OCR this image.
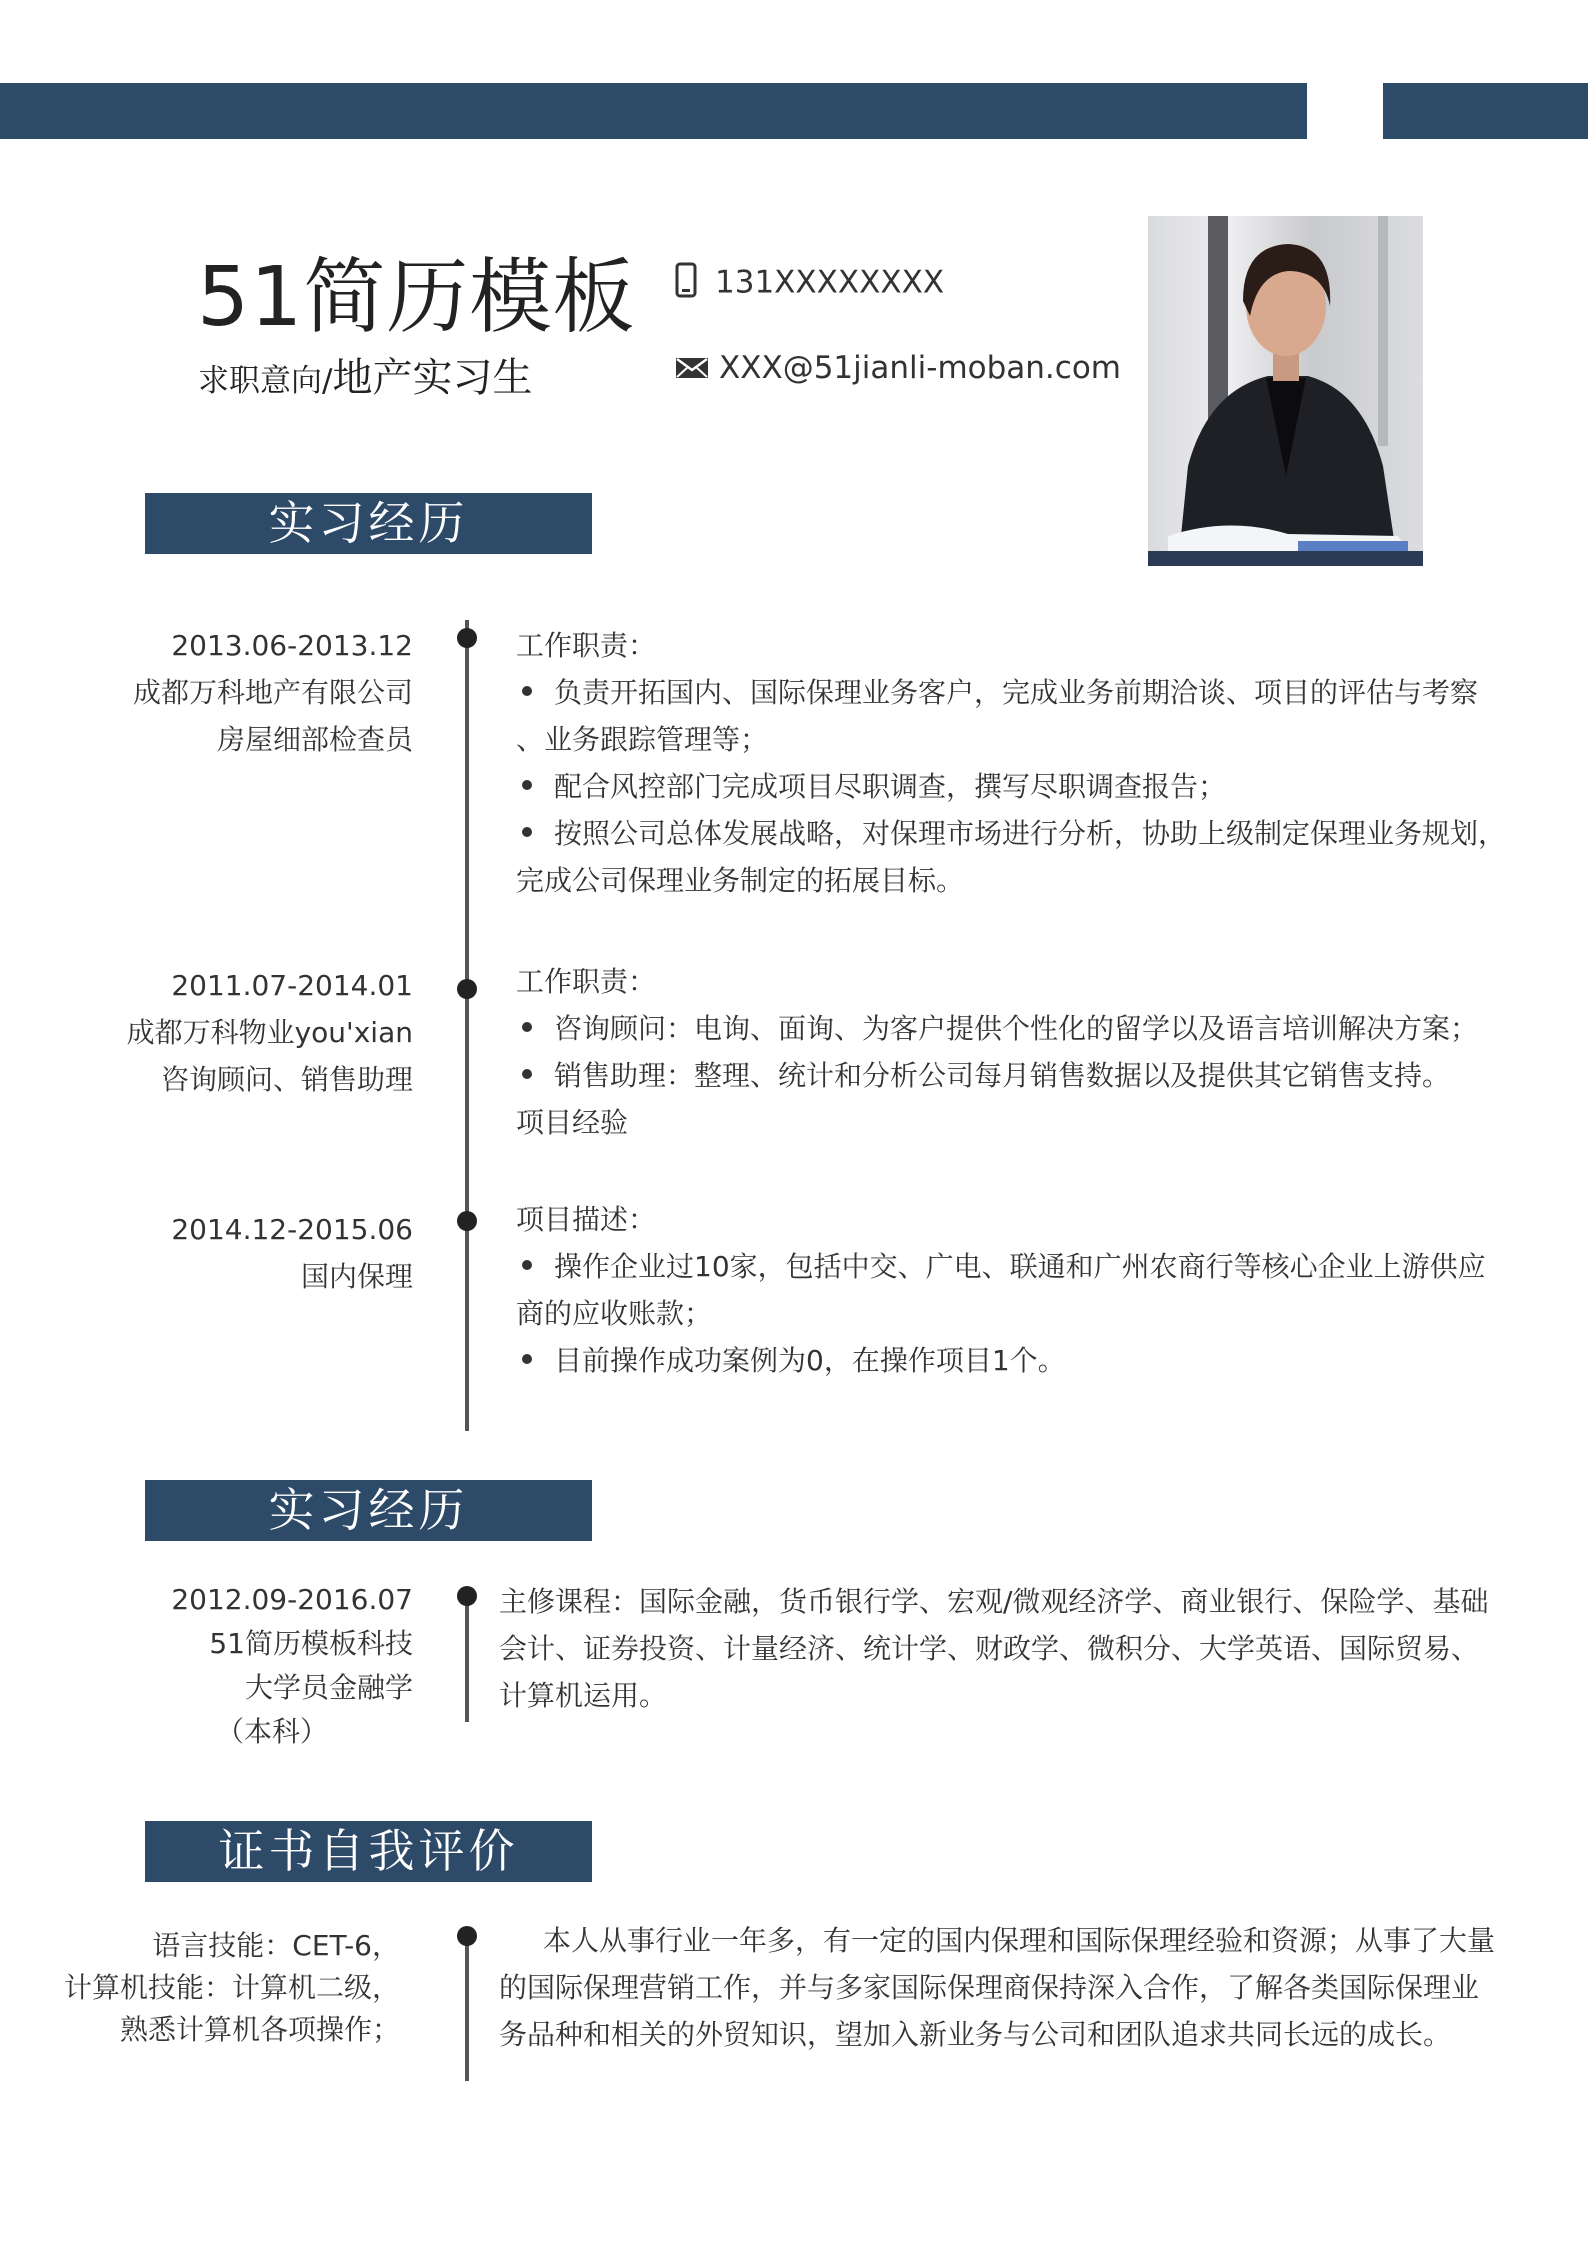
51简历模板
求职意向/地产实习生
131XXXXXXXX
XXX@51jianli-moban.com
实习经历
2013.06-2013.12
成都万科地产有限公司
房屋细部检查员
工作职责：
负责开拓国内、国际保理业务客户，完成业务前期洽谈、项目的评估与考察
、业务跟踪管理等；
配合风控部门完成项目尽职调查，撰写尽职调查报告；
按照公司总体发展战略，对保理市场进行分析，协助上级制定保理业务规划，
完成公司保理业务制定的拓展目标。
2011.07-2014.01
成都万科物业you'xian
咨询顾问、销售助理
工作职责：
咨询顾问：电询、面询、为客户提供个性化的留学以及语言培训解决方案；
销售助理：整理、统计和分析公司每月销售数据以及提供其它销售支持。
项目经验
2014.12-2015.06
国内保理
项目描述：
操作企业过10家，包括中交、广电、联通和广州农商行等核心企业上游供应
商的应收账款；
目前操作成功案例为0，在操作项目1个。
实习经历
2012.09-2016.07
51简历模板科技
大学员金融学
（本科）
主修课程：国际金融，货币银行学、宏观/微观经济学、商业银行、保险学、基础
会计、证券投资、计量经济、统计学、财政学、微积分、大学英语、国际贸易、
计算机运用。
证书自我评价
语言技能：CET-6，
计算机技能：计算机二级，
熟悉计算机各项操作；
本人从事行业一年多，有一定的国内保理和国际保理经验和资源；从事了大量
的国际保理营销工作，并与多家国际保理商保持深入合作，了解各类国际保理业
务品种和相关的外贸知识，望加入新业务与公司和团队追求共同长远的成长。
